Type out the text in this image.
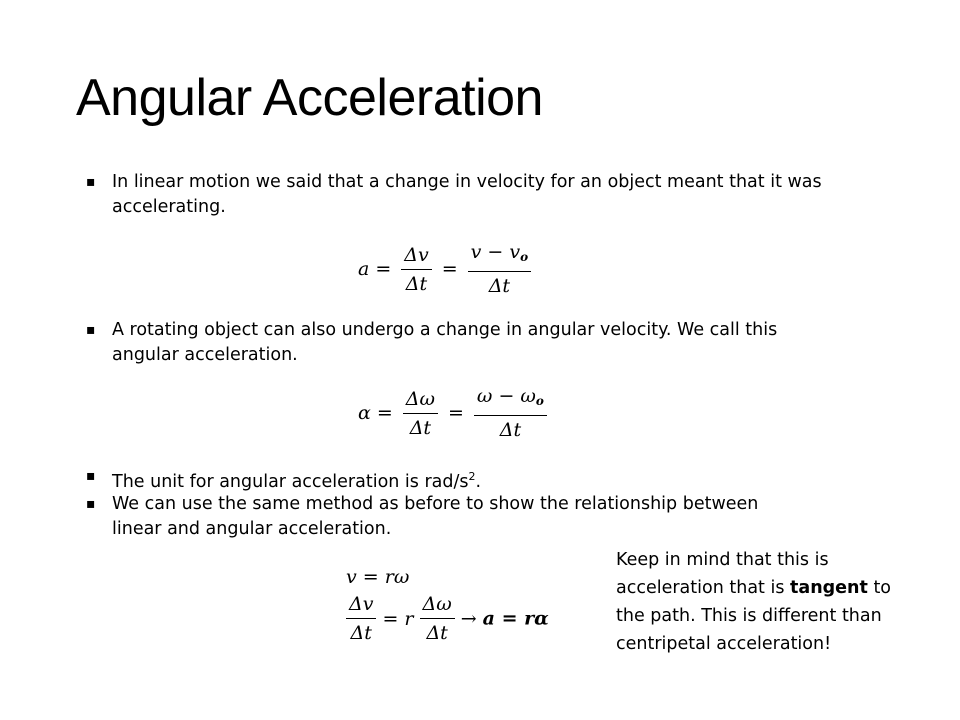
Angular Acceleration
▪ In linear motion we said that a change in velocity for an object meant that it was accelerating.
$a = \frac{\Delta v}{\Delta t} = \frac{v - v_o}{\Delta t}$
▪ A rotating object can also undergo a change in angular velocity. We call this angular acceleration.
$\alpha = \frac{\Delta\omega}{\Delta t} = \frac{\omega - \omega_o}{\Delta t}$
▪ The unit for angular acceleration is rad/$s^2$.
▪ We can use the same method as before to show the relationship between linear and angular acceleration.
v = rω
$\frac{\Delta v}{\Delta t} = r \frac{\Delta\omega}{\Delta t} \to a = r\alpha$
Keep in mind that this is acceleration that is tangent to the path. This is different than centripetal acceleration!
